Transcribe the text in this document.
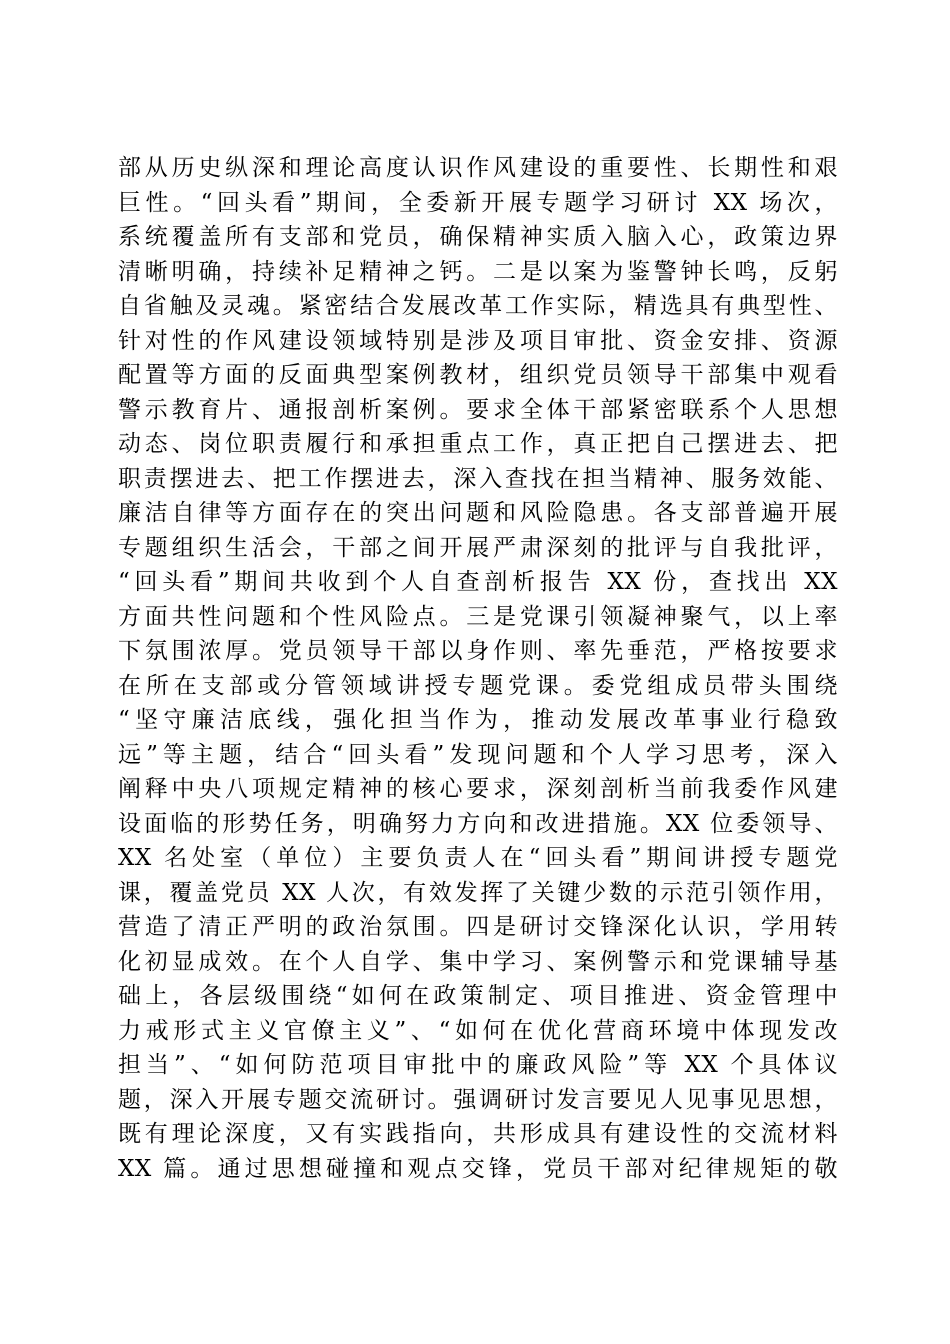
部从历史纵深和理论高度认识作风建设的重要性、长期性和艰
巨性。“回头看”期间，全委新开展专题学习研讨 XX 场次，
系统覆盖所有支部和党员，确保精神实质入脑入心，政策边界
清晰明确，持续补足精神之钙。二是以案为鉴警钟长鸣，反躬
自省触及灵魂。紧密结合发展改革工作实际，精选具有典型性、
针对性的作风建设领域特别是涉及项目审批、资金安排、资源
配置等方面的反面典型案例教材，组织党员领导干部集中观看
警示教育片、通报剖析案例。要求全体干部紧密联系个人思想
动态、岗位职责履行和承担重点工作，真正把自己摆进去、把
职责摆进去、把工作摆进去，深入查找在担当精神、服务效能、
廉洁自律等方面存在的突出问题和风险隐患。各支部普遍开展
专题组织生活会，干部之间开展严肃深刻的批评与自我批评，
“回头看”期间共收到个人自查剖析报告 XX 份，查找出 XX
方面共性问题和个性风险点。三是党课引领凝神聚气，以上率
下氛围浓厚。党员领导干部以身作则、率先垂范，严格按要求
在所在支部或分管领域讲授专题党课。委党组成员带头围绕
“坚守廉洁底线，强化担当作为，推动发展改革事业行稳致
远”等主题，结合“回头看”发现问题和个人学习思考，深入
阐释中央八项规定精神的核心要求，深刻剖析当前我委作风建
设面临的形势任务，明确努力方向和改进措施。XX 位委领导、
XX 名处室（单位）主要负责人在“回头看”期间讲授专题党
课，覆盖党员 XX 人次，有效发挥了关键少数的示范引领作用，
营造了清正严明的政治氛围。四是研讨交锋深化认识，学用转
化初显成效。在个人自学、集中学习、案例警示和党课辅导基
础上，各层级围绕“如何在政策制定、项目推进、资金管理中
力戒形式主义官僚主义”、“如何在优化营商环境中体现发改
担当”、“如何防范项目审批中的廉政风险”等 XX 个具体议
题，深入开展专题交流研讨。强调研讨发言要见人见事见思想，
既有理论深度，又有实践指向，共形成具有建设性的交流材料
XX 篇。通过思想碰撞和观点交锋，党员干部对纪律规矩的敬
